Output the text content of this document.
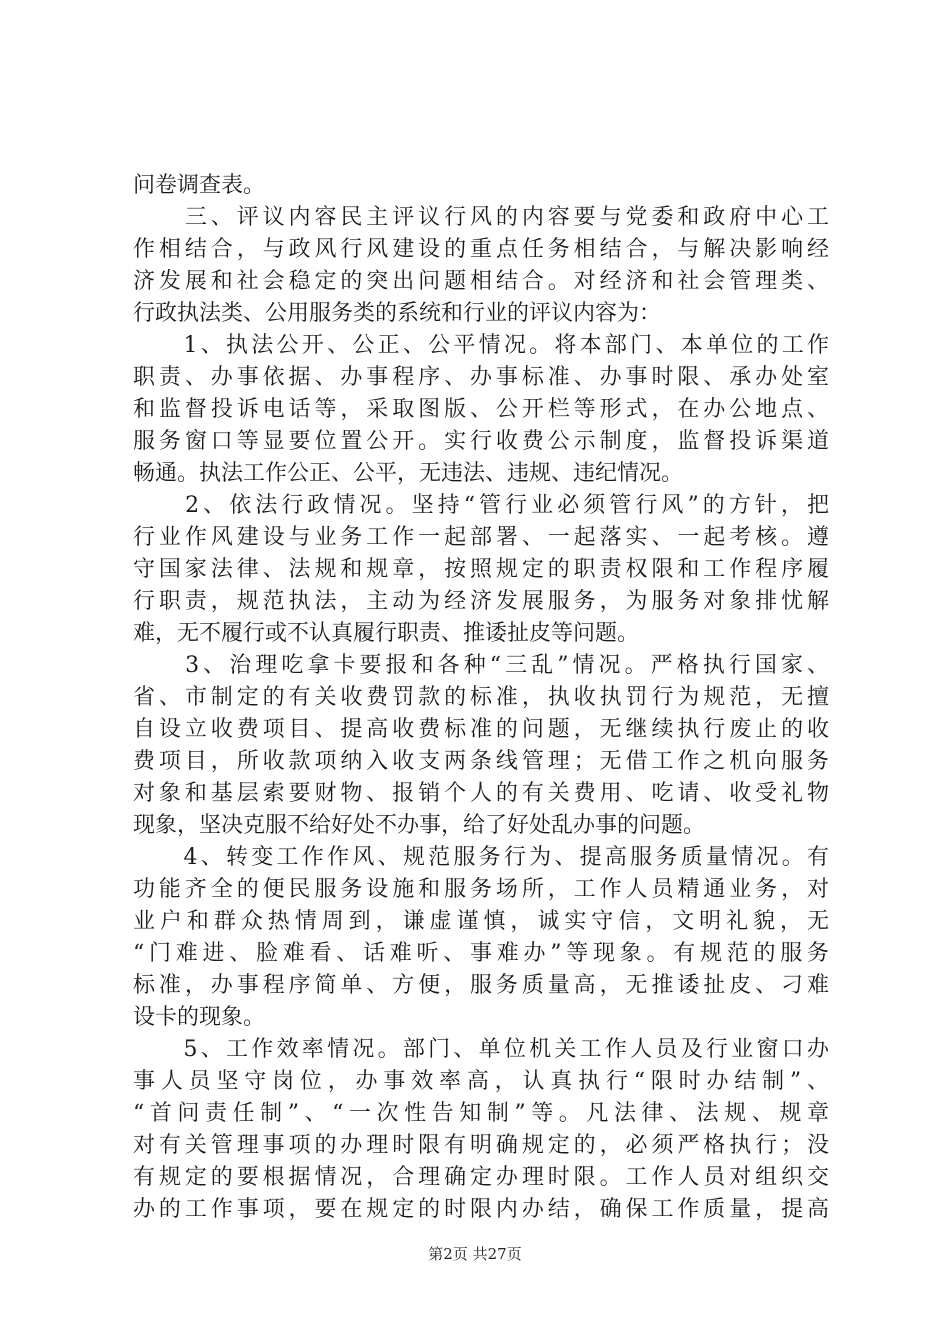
问卷调查表。
　　三、评议内容民主评议行风的内容要与党委和政府中心工
作相结合，与政风行风建设的重点任务相结合，与解决影响经
济发展和社会稳定的突出问题相结合。对经济和社会管理类、
行政执法类、公用服务类的系统和行业的评议内容为：
　　1、执法公开、公正、公平情况。将本部门、本单位的工作
职责、办事依据、办事程序、办事标准、办事时限、承办处室
和监督投诉电话等，采取图版、公开栏等形式，在办公地点、
服务窗口等显要位置公开。实行收费公示制度，监督投诉渠道
畅通。执法工作公正、公平，无违法、违规、违纪情况。
　　2、依法行政情况。坚持“管行业必须管行风”的方针，把
行业作风建设与业务工作一起部署、一起落实、一起考核。遵
守国家法律、法规和规章，按照规定的职责权限和工作程序履
行职责，规范执法，主动为经济发展服务，为服务对象排忧解
难，无不履行或不认真履行职责、推诿扯皮等问题。
　　3、治理吃拿卡要报和各种“三乱”情况。严格执行国家、
省、市制定的有关收费罚款的标准，执收执罚行为规范，无擅
自设立收费项目、提高收费标准的问题，无继续执行废止的收
费项目，所收款项纳入收支两条线管理；无借工作之机向服务
对象和基层索要财物、报销个人的有关费用、吃请、收受礼物
现象，坚决克服不给好处不办事，给了好处乱办事的问题。
　　4、转变工作作风、规范服务行为、提高服务质量情况。有
功能齐全的便民服务设施和服务场所，工作人员精通业务，对
业户和群众热情周到，谦虚谨慎，诚实守信，文明礼貌，无
“门难进、脸难看、话难听、事难办”等现象。有规范的服务
标准，办事程序简单、方便，服务质量高，无推诿扯皮、刁难
设卡的现象。
　　5、工作效率情况。部门、单位机关工作人员及行业窗口办
事人员坚守岗位，办事效率高，认真执行“限时办结制”、
“首问责任制”、“一次性告知制”等。凡法律、法规、规章
对有关管理事项的办理时限有明确规定的，必须严格执行；没
有规定的要根据情况，合理确定办理时限。工作人员对组织交
办的工作事项，要在规定的时限内办结，确保工作质量，提高
第2页 共27页
